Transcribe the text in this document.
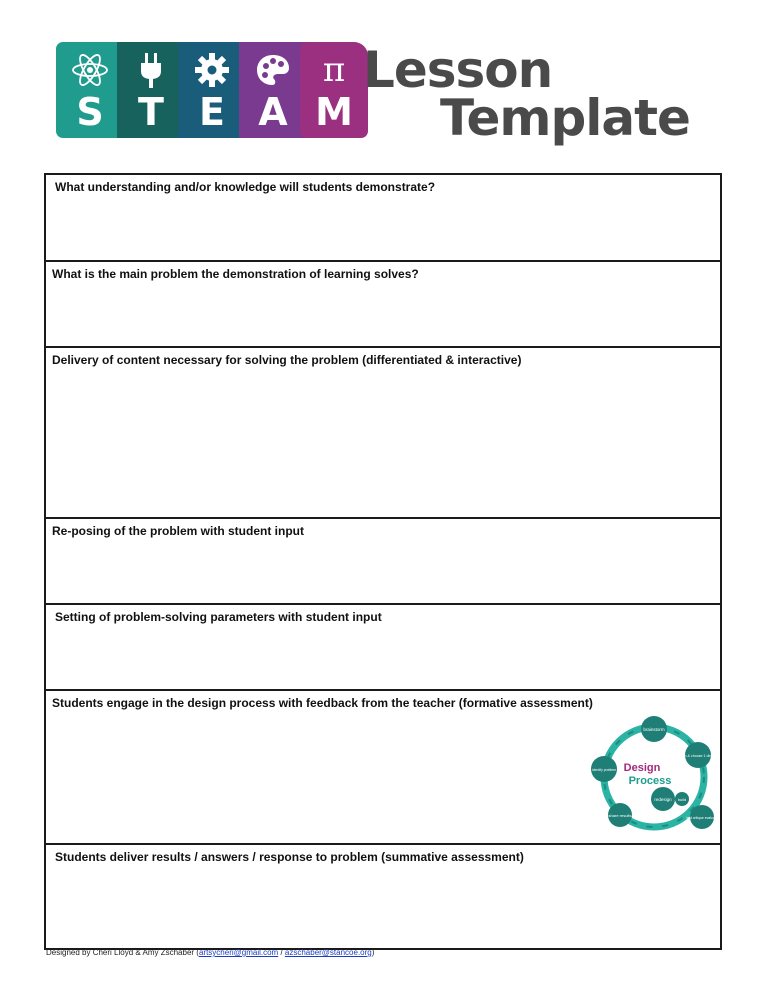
S T E A
π
M
Lesson
Template
What understanding and/or knowledge will students demonstrate?
What is the main problem the demonstration of learning solves?
Delivery of content necessary for solving the problem (differentiated & interactive)
Re-posing of the problem with student input
Setting of problem-solving parameters with student input
Students engage in the design process with feedback from the teacher (formative assessment)
brainstorm
design & choose 1 direction
build
test critique evaluate
redesign
share results
identify problem Design
Process
Students deliver results / answers / response to problem (summative assessment)
Designed by Cheri Lloyd & Amy Zschaber (artsycheri@gmail.com / azschaber@stancoe.org)
